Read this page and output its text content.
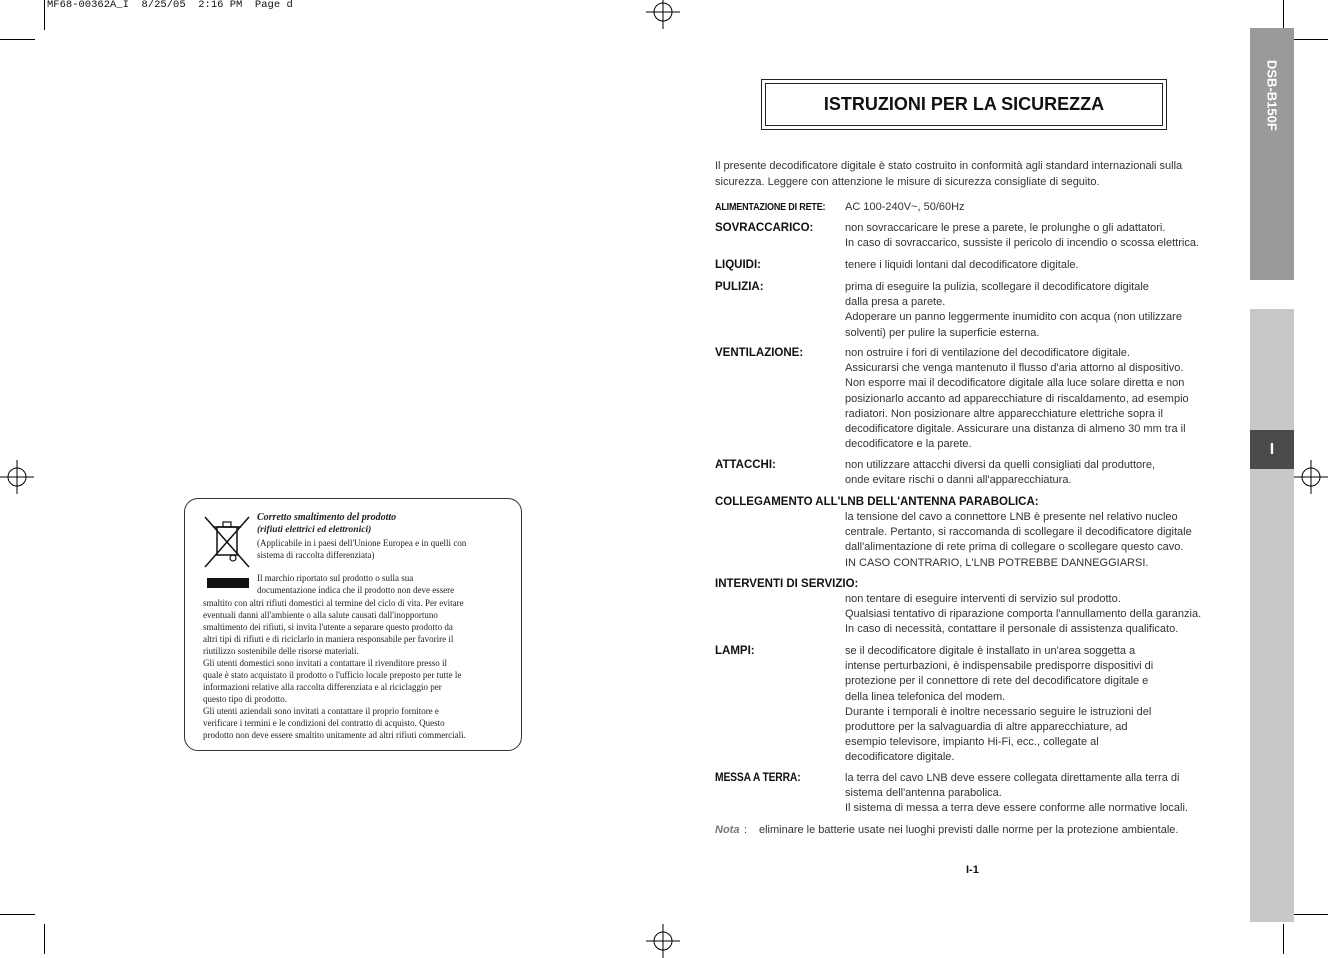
MF68-00362A_I  8/25/05  2:16 PM  Page d
Corretto smaltimento del prodotto
(rifiuti elettrici ed elettronici)
(Applicabile in i paesi dell'Unione Europea e in quelli con
sistema di raccolta differenziata)
Il marchio riportato sul prodotto o sulla sua
documentazione indica che il prodotto non deve essere
smaltito con altri rifiuti domestici al termine del ciclo di vita. Per evitare
eventuali danni all'ambiente o alla salute causati dall'inopportuno
smaltimento dei rifiuti, si invita l'utente a separare questo prodotto da
altri tipi di rifiuti e di riciclarlo in maniera responsabile per favorire il
riutilizzo sostenibile delle risorse materiali.
Gli utenti domestici sono invitati a contattare il rivenditore presso il
quale è stato acquistato il prodotto o l'ufficio locale preposto per tutte le
informazioni relative alla raccolta differenziata e al riciclaggio per
questo tipo di prodotto.
Gli utenti aziendali sono invitati a contattare il proprio fornitore e
verificare i termini e le condizioni del contratto di acquisto. Questo
prodotto non deve essere smaltito unitamente ad altri rifiuti commerciali.
ISTRUZIONI PER LA SICUREZZA
Il presente decodificatore digitale è stato costruito in conformità agli standard internazionali sulla
sicurezza. Leggere con attenzione le misure di sicurezza consigliate di seguito.
ALIMENTAZIONE DI RETE: AC 100-240V~, 50/60Hz
SOVRACCARICO:	non sovraccaricare le prese a parete, le prolunghe o gli adattatori.
In caso di sovraccarico, sussiste il pericolo di incendio o scossa elettrica.
LIQUIDI:	tenere i liquidi lontani dal decodificatore digitale.
PULIZIA:	prima di eseguire la pulizia, scollegare il decodificatore digitale
dalla presa a parete.
Adoperare un panno leggermente inumidito con acqua (non utilizzare
solventi) per pulire la superficie esterna.
VENTILAZIONE:	non ostruire i fori di ventilazione del decodificatore digitale.
Assicurarsi che venga mantenuto il flusso d'aria attorno al dispositivo.
Non esporre mai il decodificatore digitale alla luce solare diretta e non
posizionarlo accanto ad apparecchiature di riscaldamento, ad esempio
radiatori. Non posizionare altre apparecchiature elettriche sopra il
decodificatore digitale. Assicurare una distanza di almeno 30 mm tra il
decodificatore e la parete.
ATTACCHI:	non utilizzare attacchi diversi da quelli consigliati dal produttore,
onde evitare rischi o danni all'apparecchiatura.
COLLEGAMENTO ALL'LNB DELL'ANTENNA PARABOLICA:
la tensione del cavo a connettore LNB è presente nel relativo nucleo
centrale. Pertanto, si raccomanda di scollegare il decodificatore digitale
dall'alimentazione di rete prima di collegare o scollegare questo cavo.
IN CASO CONTRARIO, L'LNB POTREBBE DANNEGGIARSI.
INTERVENTI DI SERVIZIO:
non tentare di eseguire interventi di servizio sul prodotto.
Qualsiasi tentativo di riparazione comporta l'annullamento della garanzia.
In caso di necessità, contattare il personale di assistenza qualificato.
LAMPI:	se il decodificatore digitale è installato in un'area soggetta a
intense perturbazioni, è indispensabile predisporre dispositivi di
protezione per il connettore di rete del decodificatore digitale e
della linea telefonica del modem.
Durante i temporali è inoltre necessario seguire le istruzioni del
produttore per la salvaguardia di altre apparecchiature, ad
esempio televisore, impianto Hi-Fi, ecc., collegate al
decodificatore digitale.
MESSA A TERRA:	la terra del cavo LNB deve essere collegata direttamente alla terra di
sistema dell'antenna parabolica.
Il sistema di messa a terra deve essere conforme alle normative locali.
Nota : eliminare le batterie usate nei luoghi previsti dalle norme per la protezione ambientale.
I-1
DSB-B150F
I
